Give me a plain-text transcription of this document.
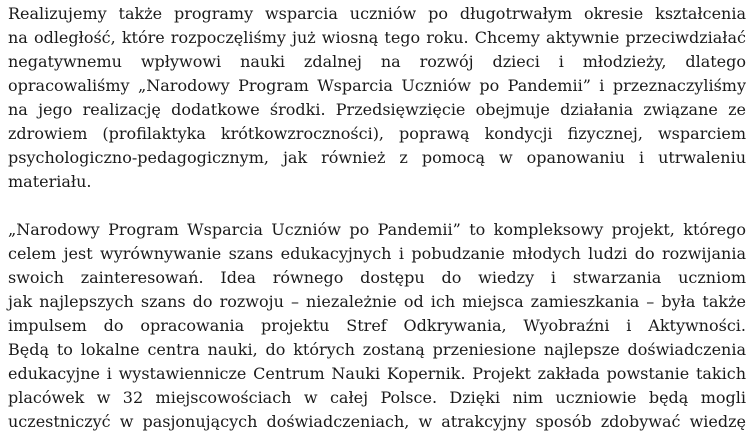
Realizujemy także programy wsparcia uczniów po długotrwałym okresie kształcenia
na odległość, które rozpoczęliśmy już wiosną tego roku. Chcemy aktywnie przeciwdziałać
negatywnemu wpływowi nauki zdalnej na rozwój dzieci i młodzieży, dlatego
opracowaliśmy „Narodowy Program Wsparcia Uczniów po Pandemii” i przeznaczyliśmy
na jego realizację dodatkowe środki. Przedsięwzięcie obejmuje działania związane ze
zdrowiem (profilaktyka krótkowzroczności), poprawą kondycji fizycznej, wsparciem
psychologiczno-pedagogicznym, jak również z pomocą w opanowaniu i utrwaleniu
materiału.

„Narodowy Program Wsparcia Uczniów po Pandemii” to kompleksowy projekt, którego
celem jest wyrównywanie szans edukacyjnych i pobudzanie młodych ludzi do rozwijania
swoich zainteresowań. Idea równego dostępu do wiedzy i stwarzania uczniom
jak najlepszych szans do rozwoju – niezależnie od ich miejsca zamieszkania – była także
impulsem do opracowania projektu Stref Odkrywania, Wyobraźni i Aktywności.
Będą to lokalne centra nauki, do których zostaną przeniesione najlepsze doświadczenia
edukacyjne i wystawiennicze Centrum Nauki Kopernik. Projekt zakłada powstanie takich
placówek w 32 miejscowościach w całej Polsce. Dzięki nim uczniowie będą mogli
uczestniczyć w pasjonujących doświadczeniach, w atrakcyjny sposób zdobywać wiedzę
